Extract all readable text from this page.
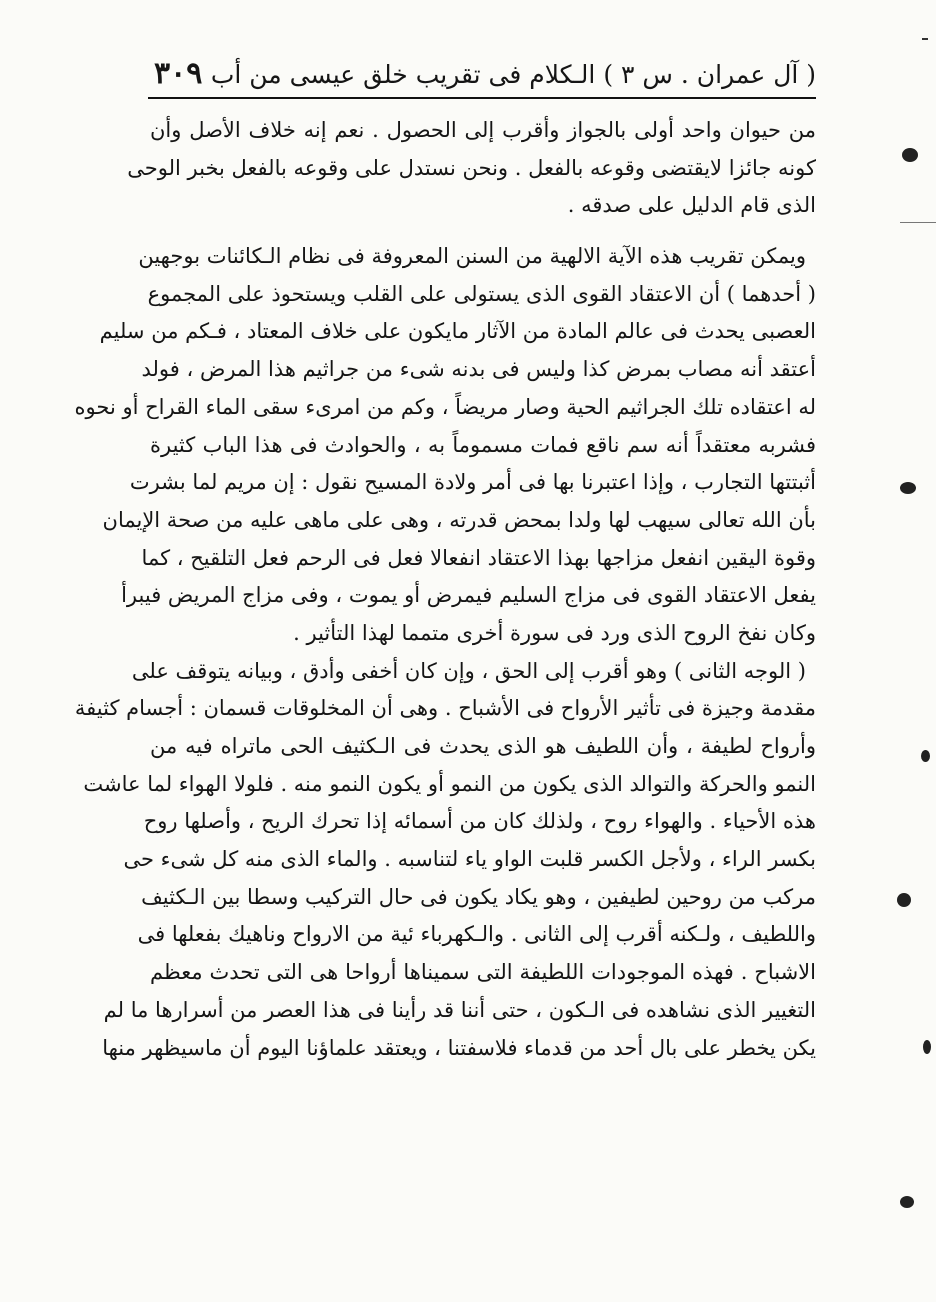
( آل عمران . س ٣ ) الـكلام فى تقريب خلق عيسى من أب
٣٠٩
من حيوان واحد أولى بالجواز وأقرب إلى الحصول . نعم إنه خلاف الأصل وأن
كونه جائزا لايقتضى وقوعه بالفعل . ونحن نستدل على وقوعه بالفعل بخبر الوحى
الذى قام الدليل على صدقه .
ويمكن تقريب هذه الآية الالهية من السنن المعروفة فى نظام الـكائنات بوجهين
( أحدهما ) أن الاعتقاد القوى الذى يستولى على القلب ويستحوذ على المجموع
العصبى يحدث فى عالم المادة من الآثار مايكون على خلاف المعتاد ، فـكم من سليم
أعتقد أنه مصاب بمرض كذا وليس فى بدنه شىء من جراثيم هذا المرض ، فولد
له اعتقاده تلك الجراثيم الحية وصار مريضاً ، وكم من امرىء سقى الماء القراح أو نحوه
فشربه معتقداً أنه سم ناقع فمات مسموماً به ، والحوادث فى هذا الباب كثيرة
أثبتتها التجارب ، وإذا اعتبرنا بها فى أمر ولادة المسيح نقول : إن مريم لما بشرت
بأن الله تعالى سيهب لها ولدا بمحض قدرته ، وهى على ماهى عليه من صحة الإيمان
وقوة اليقين انفعل مزاجها بهذا الاعتقاد انفعالا فعل فى الرحم فعل التلقيح ، كما
يفعل الاعتقاد القوى فى مزاج السليم فيمرض أو يموت ، وفى مزاج المريض فيبرأ
وكان نفخ الروح الذى ورد فى سورة أخرى متمما لهذا التأثير .
( الوجه الثانى ) وهو أقرب إلى الحق ، وإن كان أخفى وأدق ، وبيانه يتوقف على
مقدمة وجيزة فى تأثير الأرواح فى الأشباح . وهى أن المخلوقات قسمان : أجسام كثيفة
وأرواح لطيفة ، وأن اللطيف هو الذى يحدث فى الـكثيف الحى ماتراه فيه من
النمو والحركة والتوالد الذى يكون من النمو أو يكون النمو منه . فلولا الهواء لما عاشت
هذه الأحياء . والهواء روح ، ولذلك كان من أسمائه إذا تحرك الريح ، وأصلها روح
بكسر الراء ، ولأجل الكسر قلبت الواو ياء لتناسبه . والماء الذى منه كل شىء حى
مركب من روحين لطيفين ، وهو يكاد يكون فى حال التركيب وسطا بين الـكثيف
واللطيف ، ولـكنه أقرب إلى الثانى . والـكهرباء ئية من الارواح وناهيك بفعلها فى
الاشباح . فهذه الموجودات اللطيفة التى سميناها أرواحا هى التى تحدث معظم
التغيير الذى نشاهده فى الـكون ، حتى أننا قد رأينا فى هذا العصر من أسرارها ما لم
يكن يخطر على بال أحد من قدماء فلاسفتنا ، ويعتقد علماؤنا اليوم أن ماسيظهر منها
